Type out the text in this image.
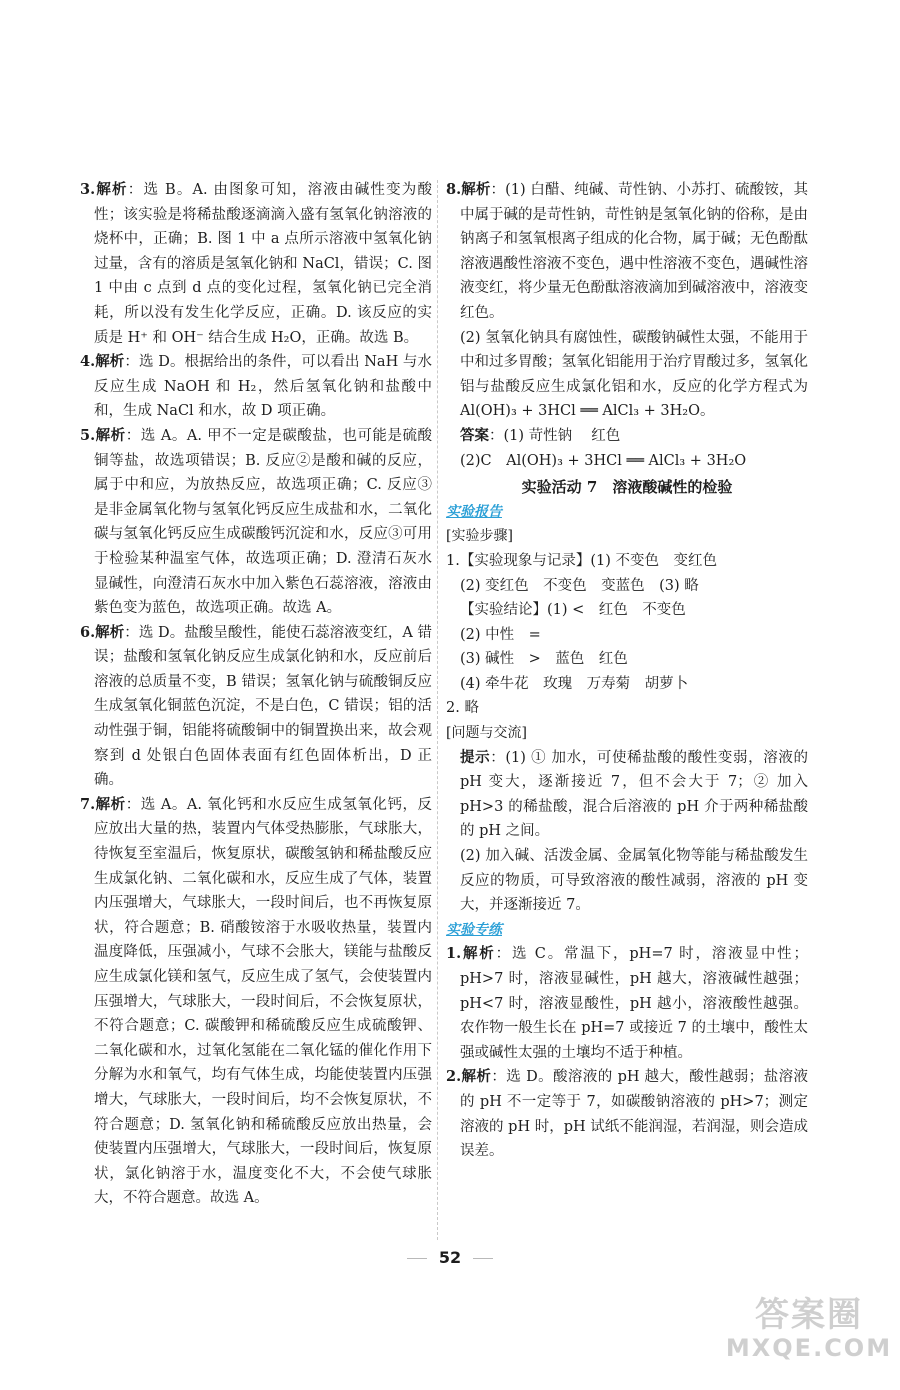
3.解析：选 B。A. 由图象可知，溶液由碱性变为酸性；该实验是将稀盐酸逐滴滴入盛有氢氧化钠溶液的烧杯中，正确；B. 图 1 中 a 点所示溶液中氢氧化钠过量，含有的溶质是氢氧化钠和 NaCl，错误；C. 图1 中由 c 点到 d 点的变化过程，氢氧化钠已完全消耗，所以没有发生化学反应，正确。D. 该反应的实质是 H⁺ 和 OH⁻ 结合生成 H₂O，正确。故选 B。

4.解析：选 D。根据给出的条件，可以看出 NaH 与水反应生成 NaOH 和 H₂，然后氢氧化钠和盐酸中和，生成 NaCl 和水，故 D 项正确。

5.解析：选 A。A. 甲不一定是碳酸盐，也可能是硫酸铜等盐，故选项错误；B. 反应②是酸和碱的反应，属于中和应，为放热反应，故选项正确；C. 反应③是非金属氧化物与氢氧化钙反应生成盐和水，二氧化碳与氢氧化钙反应生成碳酸钙沉淀和水，反应③可用于检验某种温室气体，故选项正确；D. 澄清石灰水显碱性，向澄清石灰水中加入紫色石蕊溶液，溶液由紫色变为蓝色，故选项正确。故选 A。

6.解析：选 D。盐酸呈酸性，能使石蕊溶液变红，A 错误；盐酸和氢氧化钠反应生成氯化钠和水，反应前后溶液的总质量不变，B 错误；氢氧化钠与硫酸铜反应生成氢氧化铜蓝色沉淀，不是白色，C 错误；铝的活动性强于铜，铝能将硫酸铜中的铜置换出来，故会观察到 d 处银白色固体表面有红色固体析出，D 正确。

7.解析：选 A。A. 氧化钙和水反应生成氢氧化钙，反应放出大量的热，装置内气体受热膨胀，气球胀大，待恢复至室温后，恢复原状，碳酸氢钠和稀盐酸反应生成氯化钠、二氧化碳和水，反应生成了气体，装置内压强增大，气球胀大，一段时间后，也不再恢复原状，符合题意；B. 硝酸铵溶于水吸收热量，装置内温度降低，压强减小，气球不会胀大，镁能与盐酸反应生成氯化镁和氢气，反应生成了氢气，会使装置内压强增大，气球胀大，一段时间后，不会恢复原状，不符合题意；C. 碳酸钾和稀硫酸反应生成硫酸钾、二氧化碳和水，过氧化氢能在二氧化锰的催化作用下分解为水和氧气，均有气体生成，均能使装置内压强增大，气球胀大，一段时间后，均不会恢复原状，不符合题意；D. 氢氧化钠和稀硫酸反应放出热量，会使装置内压强增大，气球胀大，一段时间后，恢复原状，氯化钠溶于水，温度变化不大，不会使气球胀大，不符合题意。故选 A。

8.解析：(1) 白醋、纯碱、苛性钠、小苏打、硫酸铵，其中属于碱的是苛性钠，苛性钠是氢氧化钠的俗称，是由钠离子和氢氧根离子组成的化合物，属于碱；无色酚酞溶液遇酸性溶液不变色，遇中性溶液不变色，遇碱性溶液变红，将少量无色酚酞溶液滴加到碱溶液中，溶液变红色。

(2) 氢氧化钠具有腐蚀性，碳酸钠碱性太强，不能用于中和过多胃酸；氢氧化铝能用于治疗胃酸过多，氢氧化铝与盐酸反应生成氯化铝和水，反应的化学方程式为 Al(OH)₃ + 3HCl ══ AlCl₃ + 3H₂O。

答案：(1) 苛性钠　 红色

(2)C　Al(OH)₃ + 3HCl ══ AlCl₃ + 3H₂O

实验活动 7　溶液酸碱性的检验

实验报告

[实验步骤]

1.【实验现象与记录】(1) 不变色　变红色

(2) 变红色　不变色　变蓝色　(3) 略

【实验结论】(1) <　红色　不变色

(2) 中性　=

(3) 碱性　>　蓝色　红色

(4) 牵牛花　玫瑰　万寿菊　胡萝卜

2. 略

[问题与交流]

提示：(1) ① 加水，可使稀盐酸的酸性变弱，溶液的 pH 变大，逐渐接近 7，但不会大于 7；② 加入 pH>3 的稀盐酸，混合后溶液的 pH 介于两种稀盐酸的 pH 之间。

(2) 加入碱、活泼金属、金属氧化物等能与稀盐酸发生反应的物质，可导致溶液的酸性减弱，溶液的 pH 变大，并逐渐接近 7。

实验专练

1.解析：选 C。常温下，pH=7 时，溶液显中性；pH>7 时，溶液显碱性，pH 越大，溶液碱性越强；pH<7 时，溶液显酸性，pH 越小，溶液酸性越强。农作物一般生长在 pH=7 或接近 7 的土壤中，酸性太强或碱性太强的土壤均不适于种植。

2.解析：选 D。酸溶液的 pH 越大，酸性越弱；盐溶液的 pH 不一定等于 7，如碳酸钠溶液的 pH>7；测定溶液的 pH 时，pH 试纸不能润湿，若润湿，则会造成误差。

52
答案圈
MXQE.COM
